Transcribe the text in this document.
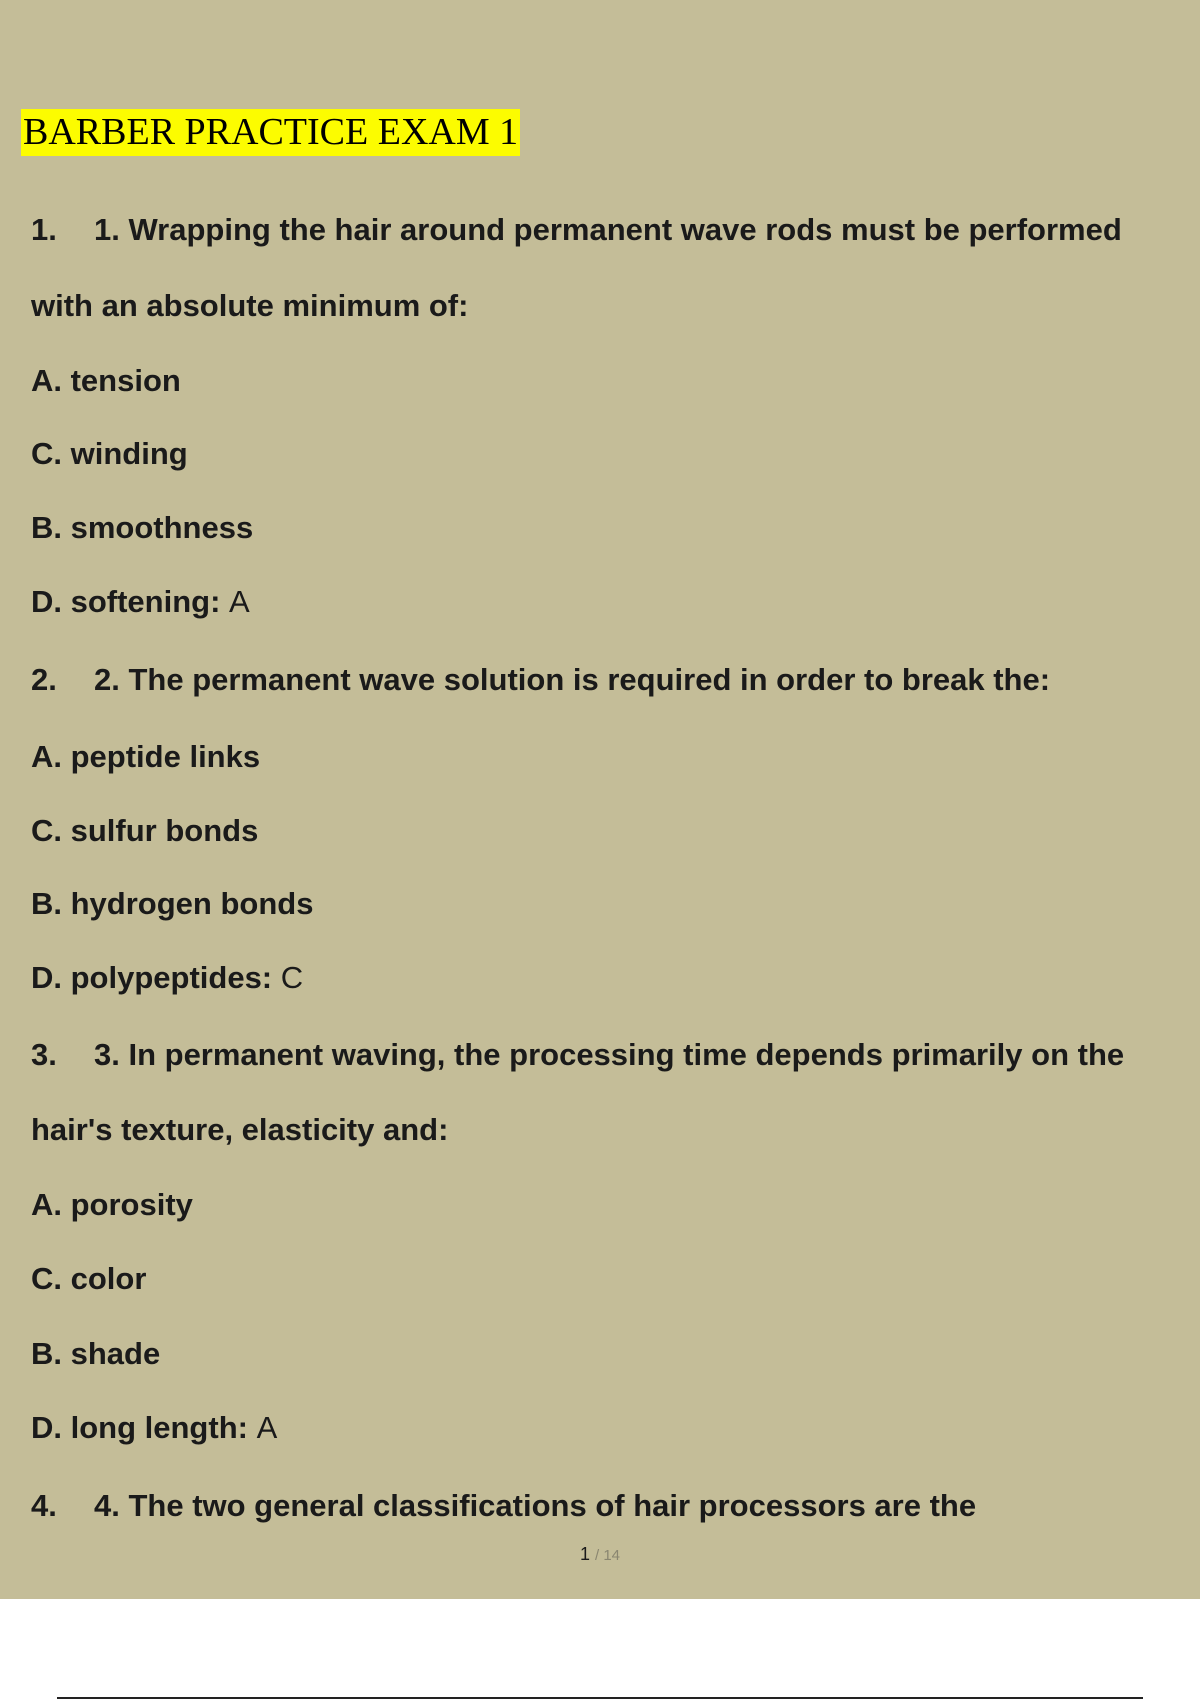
BARBER PRACTICE EXAM 1
1. 1. Wrapping the hair around permanent wave rods must be performed
with an absolute minimum of:
A. tension
C. winding
B. smoothness
D. softening: A
2. 2. The permanent wave solution is required in order to break the:
A. peptide links
C. sulfur bonds
B. hydrogen bonds
D. polypeptides: C
3. 3. In permanent waving, the processing time depends primarily on the
hair's texture, elasticity and:
A. porosity
C. color
B. shade
D. long length: A
4. 4. The two general classifications of hair processors are the
1 / 14
